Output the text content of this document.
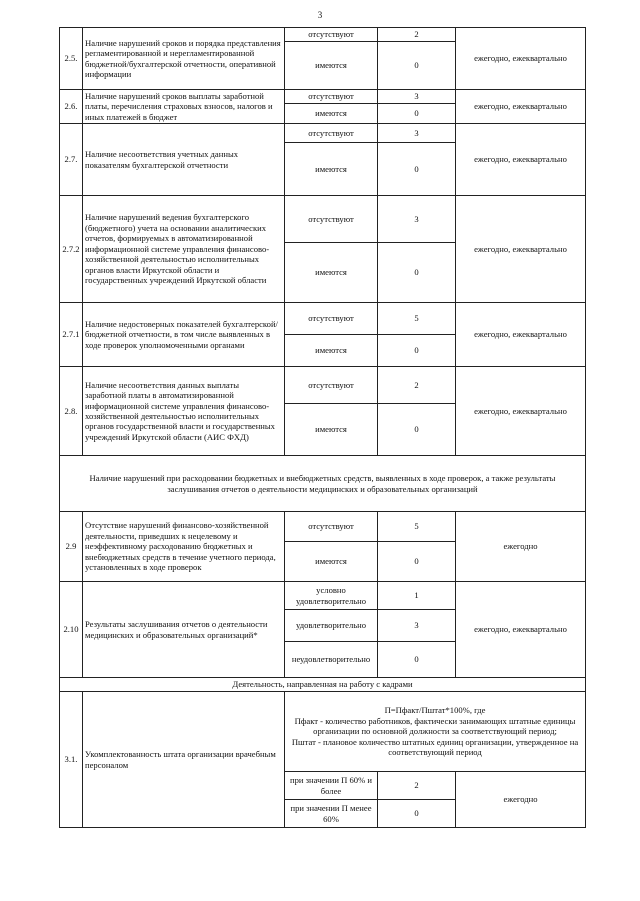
3
2.5.	Наличие нарушений сроков и порядка представления регламентированной и нерегламентированной бюджетной/бухгалтерской отчетности, оперативной информации	отсутствуют	2	ежегодно, ежеквартально
		имеются	0	
2.6.	Наличие нарушений сроков выплаты заработной платы, перечисления страховых взносов, налогов и иных платежей в бюджет	отсутствуют	3	ежегодно, ежеквартально
		имеются	0	
2.7.	Наличие несоответствия учетных данных показателям бухгалтерской отчетности	отсутствуют	3	ежегодно, ежеквартально
		имеются	0	
2.7.2	Наличие нарушений ведения бухгалтерского (бюджетного) учета на основании аналитических отчетов, формируемых в автоматизированной информационной системе управления финансово-хозяйственной деятельностью исполнительных органов власти Иркутской области и государственных учреждений Иркутской области	отсутствуют	3	ежегодно, ежеквартально
		имеются	0	
2.7.1	Наличие недостоверных показателей бухгалтерской/бюджетной отчетности, в том числе выявленных в ходе проверок уполномоченными органами	отсутствуют	5	ежегодно, ежеквартально
		имеются	0	
2.8.	Наличие несоответствия данных выплаты заработной платы в автоматизированной информационной системе управления финансово-хозяйственной деятельностью исполнительных органов государственной власти и государственных учреждений Иркутской области (АИС ФХД)	отсутствуют	2	ежегодно, ежеквартально
		имеются	0	
Наличие нарушений при расходовании бюджетных и внебюджетных средств, выявленных в ходе проверок, а также результаты заслушивания отчетов о деятельности медицинских и образовательных организаций				
2.9	Отсутствие нарушений финансово-хозяйственной деятельности, приведших к нецелевому и неэффективному расходованию бюджетных и внебюджетных средств в течение учетного периода, установленных в ходе проверок	отсутствуют	5	ежегодно
		имеются	0	
2.10	Результаты заслушивания отчетов о деятельности медицинских и образовательных организаций*	условно удовлетворительно	1	ежегодно, ежеквартально
		удовлетворительно	3	
		неудовлетворительно	0	
Деятельность, направленная на работу с кадрами				
3.1.	Укомплектованность штата организации врачебным персоналом	П=Пфакт/Пштат*100%, где
Пфакт - количество работников, фактически занимающих штатные единицы организации по основной должности за соответствующий период;
Пштат - плановое количество штатных единиц организации, утвержденное на соответствующий период		

		при значении П 60% и более	2	ежегодно
		при значении П менее 60%	0	
